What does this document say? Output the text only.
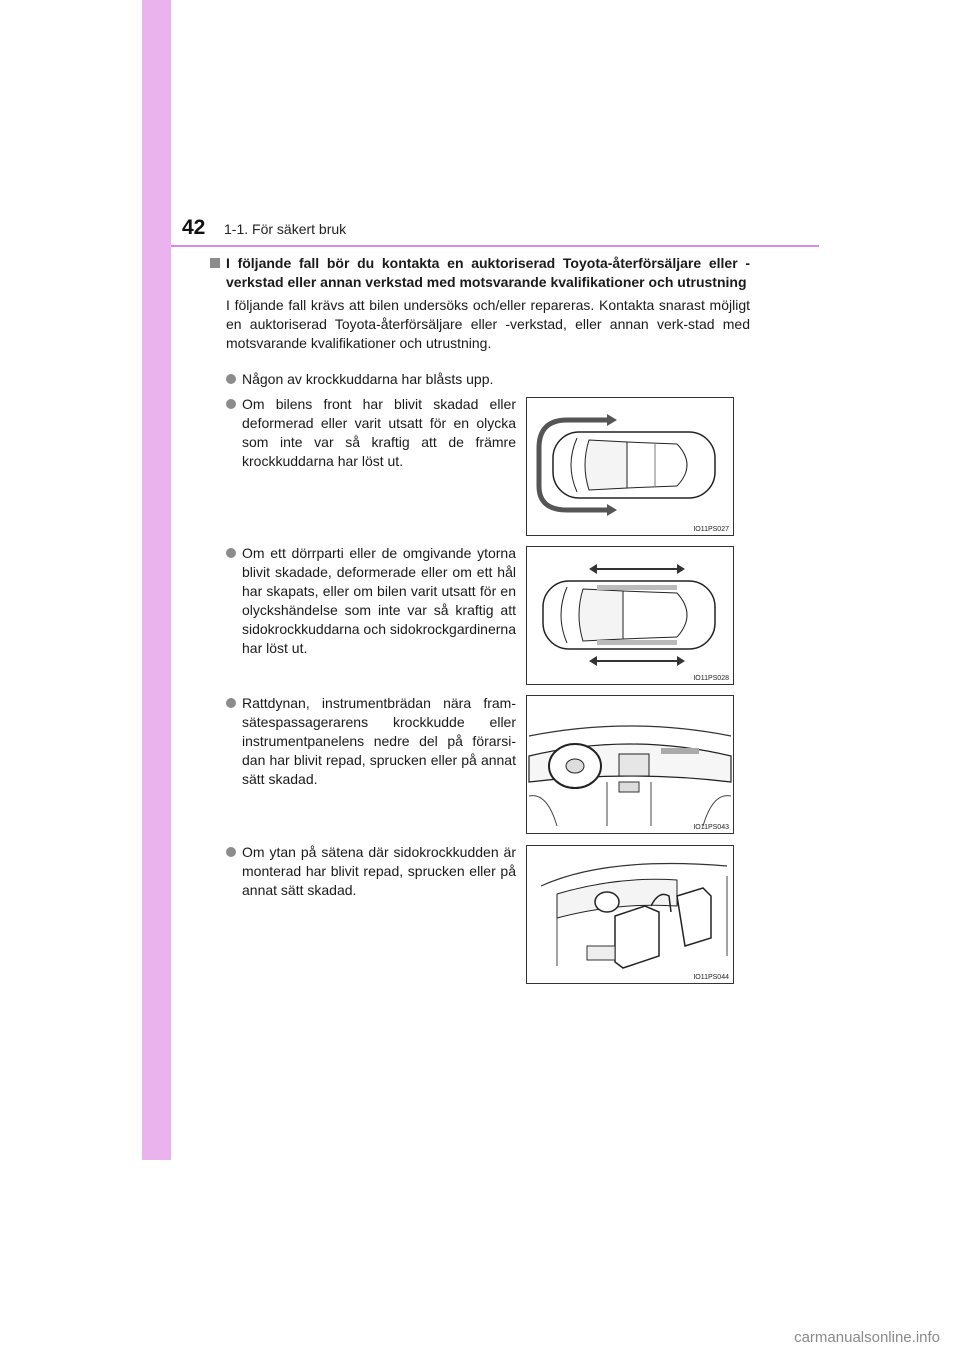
42 1-1. För säkert bruk
I följande fall bör du kontakta en auktoriserad Toyota-återförsäljare eller -verkstad eller annan verkstad med motsvarande kvalifikationer och utrustning
I följande fall krävs att bilen undersöks och/eller repareras. Kontakta snarast möjligt en auktoriserad Toyota-återförsäljare eller -verkstad, eller annan verk-stad med motsvarande kvalifikationer och utrustning.
Någon av krockkuddarna har blåsts upp.
Om bilens front har blivit skadad eller deformerad eller varit utsatt för en olycka som inte var så kraftig att de främre krockkuddarna har löst ut.
Om ett dörrparti eller de omgivande ytorna blivit skadade, deformerade eller om ett hål har skapats, eller om bilen varit utsatt för en olyckshändelse som inte var så kraftig att sidokrockkuddarna och sidokrockgardinerna har löst ut.
Rattdynan, instrumentbrädan nära fram-sätespassagerarens krockkudde eller instrumentpanelens nedre del på förarsi-dan har blivit repad, sprucken eller på annat sätt skadad.
Om ytan på sätena där sidokrockkudden är monterad har blivit repad, sprucken eller på annat sätt skadad.
IO11PS027
IO11PS028
IO11PS043
IO11PS044
carmanualsonline.info
